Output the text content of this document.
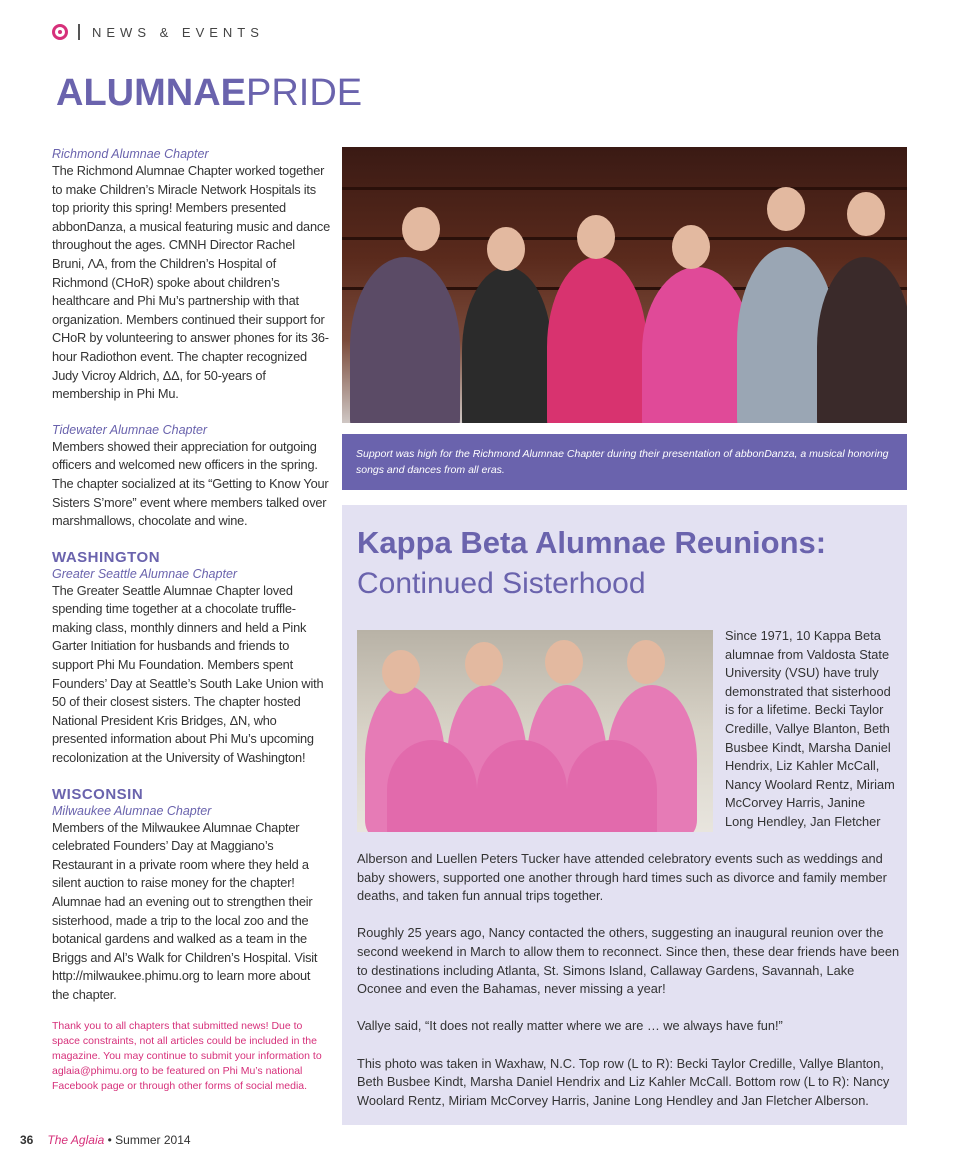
NEWS & EVENTS
ALUMNAEPRIDE
Richmond Alumnae Chapter
The Richmond Alumnae Chapter worked together to make Children’s Miracle Network Hospitals its top priority this spring! Members presented abbonDanza, a musical featuring music and dance throughout the ages. CMNH Director Rachel Bruni, ΛΑ, from the Children’s Hospital of Richmond (CHoR) spoke about children’s healthcare and Phi Mu’s partnership with that organization. Members continued their support for CHoR by volunteering to answer phones for its 36-hour Radiothon event. The chapter recognized Judy Vicroy Aldrich, ΔΔ, for 50-years of membership in Phi Mu.
Tidewater Alumnae Chapter
Members showed their appreciation for outgoing officers and welcomed new officers in the spring. The chapter socialized at its “Getting to Know Your Sisters S’more” event where members talked over marshmallows, chocolate and wine.
WASHINGTON
Greater Seattle Alumnae Chapter
The Greater Seattle Alumnae Chapter loved spending time together at a chocolate truffle-making class, monthly dinners and held a Pink Garter Initiation for husbands and friends to support Phi Mu Foundation. Members spent Founders’ Day at Seattle’s South Lake Union with 50 of their closest sisters. The chapter hosted National President Kris Bridges, ΔΝ, who presented information about Phi Mu’s upcoming recolonization at the University of Washington!
WISCONSIN
Milwaukee Alumnae Chapter
Members of the Milwaukee Alumnae Chapter celebrated Founders’ Day at Maggiano’s Restaurant in a private room where they held a silent auction to raise money for the chapter! Alumnae had an evening out to strengthen their sisterhood, made a trip to the local zoo and the botanical gardens and walked as a team in the Briggs and Al’s Walk for Children’s Hospital. Visit http://milwaukee.phimu.org to learn more about the chapter.
Thank you to all chapters that submitted news! Due to space constraints, not all articles could be included in the magazine. You may continue to submit your information to aglaia@phimu.org to be featured on Phi Mu’s national Facebook page or through other forms of social media.
Support was high for the Richmond Alumnae Chapter during their presentation of abbonDanza, a musical honoring songs and dances from all eras.
Kappa Beta Alumnae Reunions:
Continued Sisterhood
Since 1971, 10 Kappa Beta alumnae from Valdosta State University (VSU) have truly demonstrated that sisterhood is for a lifetime. Becki Taylor Credille, Vallye Blanton, Beth Busbee Kindt, Marsha Daniel Hendrix, Liz Kahler McCall, Nancy Woolard Rentz, Miriam McCorvey Harris, Janine Long Hendley, Jan Fletcher

Alberson and Luellen Peters Tucker have attended celebratory events such as weddings and baby showers, supported one another through hard times such as divorce and family member deaths, and taken fun annual trips together.

Roughly 25 years ago, Nancy contacted the others, suggesting an inaugural reunion over the second weekend in March to allow them to reconnect. Since then, these dear friends have been to destinations including Atlanta, St. Simons Island, Callaway Gardens, Savannah, Lake Oconee and even the Bahamas, never missing a year!

Vallye said, “It does not really matter where we are … we always have fun!”

This photo was taken in Waxhaw, N.C. Top row (L to R): Becki Taylor Credille, Vallye Blanton, Beth Busbee Kindt, Marsha Daniel Hendrix and Liz Kahler McCall. Bottom row (L to R): Nancy Woolard Rentz, Miriam McCorvey Harris, Janine Long Hendley and Jan Fletcher Alberson.

36 The Aglaia • Summer 2014
